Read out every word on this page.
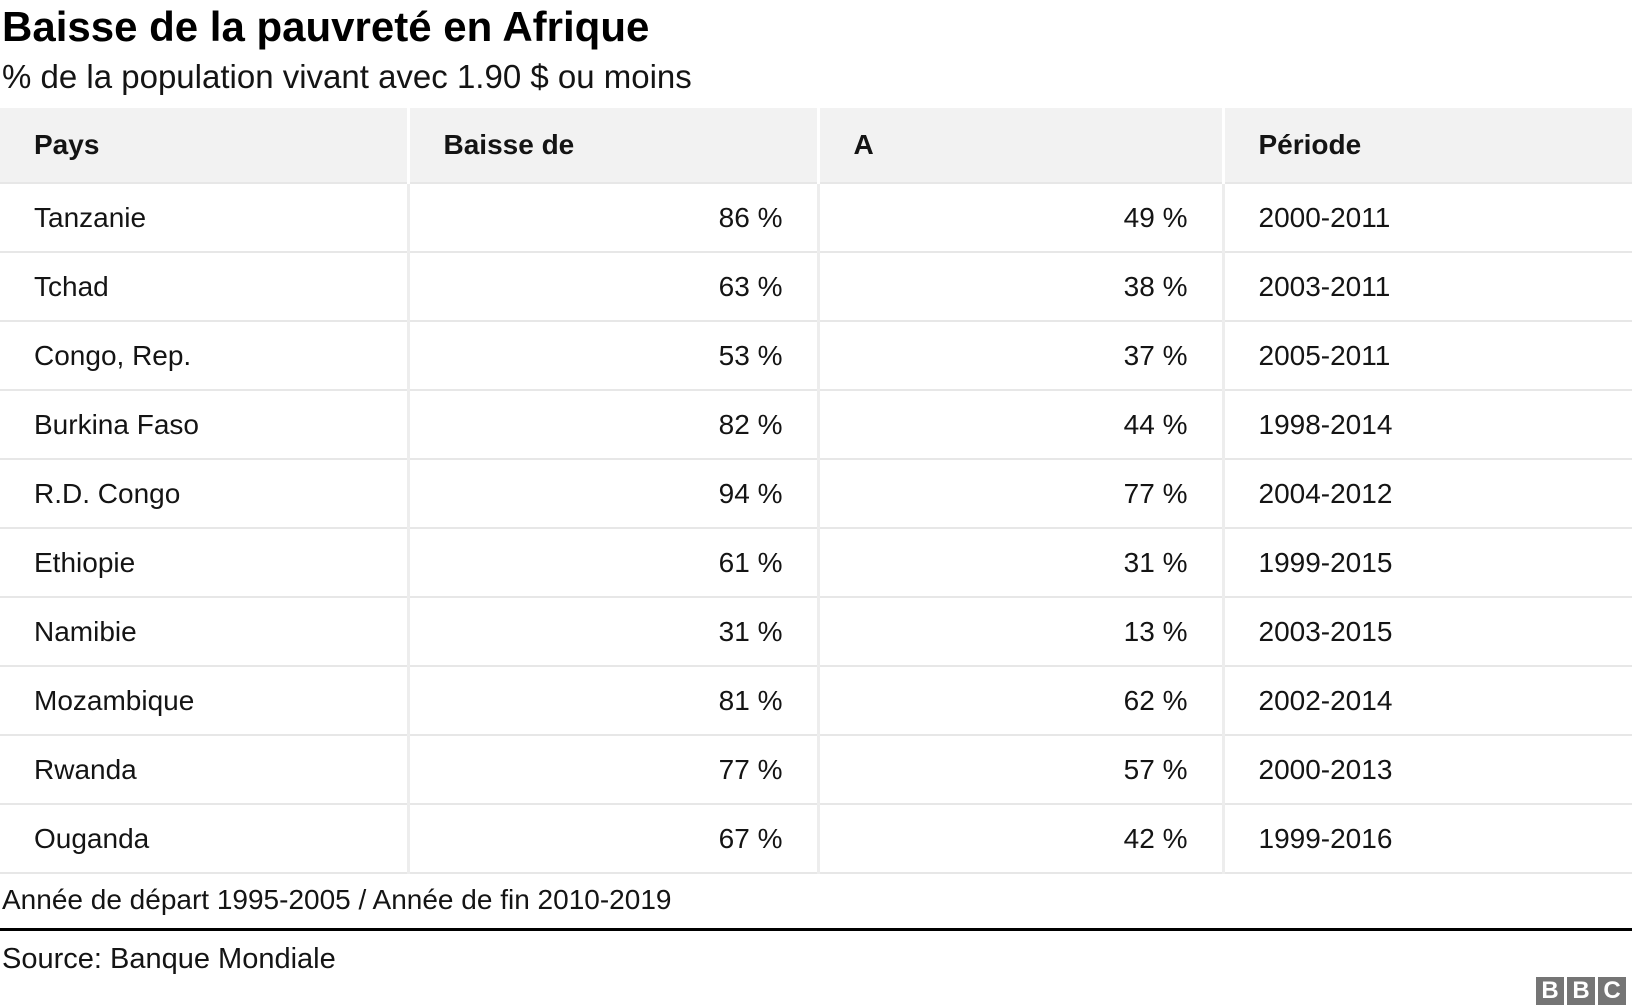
Baisse de la pauvreté en Afrique
% de la population vivant avec 1.90 $ ou moins
Pays	Baisse de	A	Période
Tanzanie	86 %	49 %	2000-2011
Tchad	63 %	38 %	2003-2011
Congo, Rep.	53 %	37 %	2005-2011
Burkina Faso	82 %	44 %	1998-2014
R.D. Congo	94 %	77 %	2004-2012
Ethiopie	61 %	31 %	1999-2015
Namibie	31 %	13 %	2003-2015
Mozambique	81 %	62 %	2002-2014
Rwanda	77 %	57 %	2000-2013
Ouganda	67 %	42 %	1999-2016
Année de départ 1995-2005 / Année de fin 2010-2019
Source: Banque Mondiale
B B C
